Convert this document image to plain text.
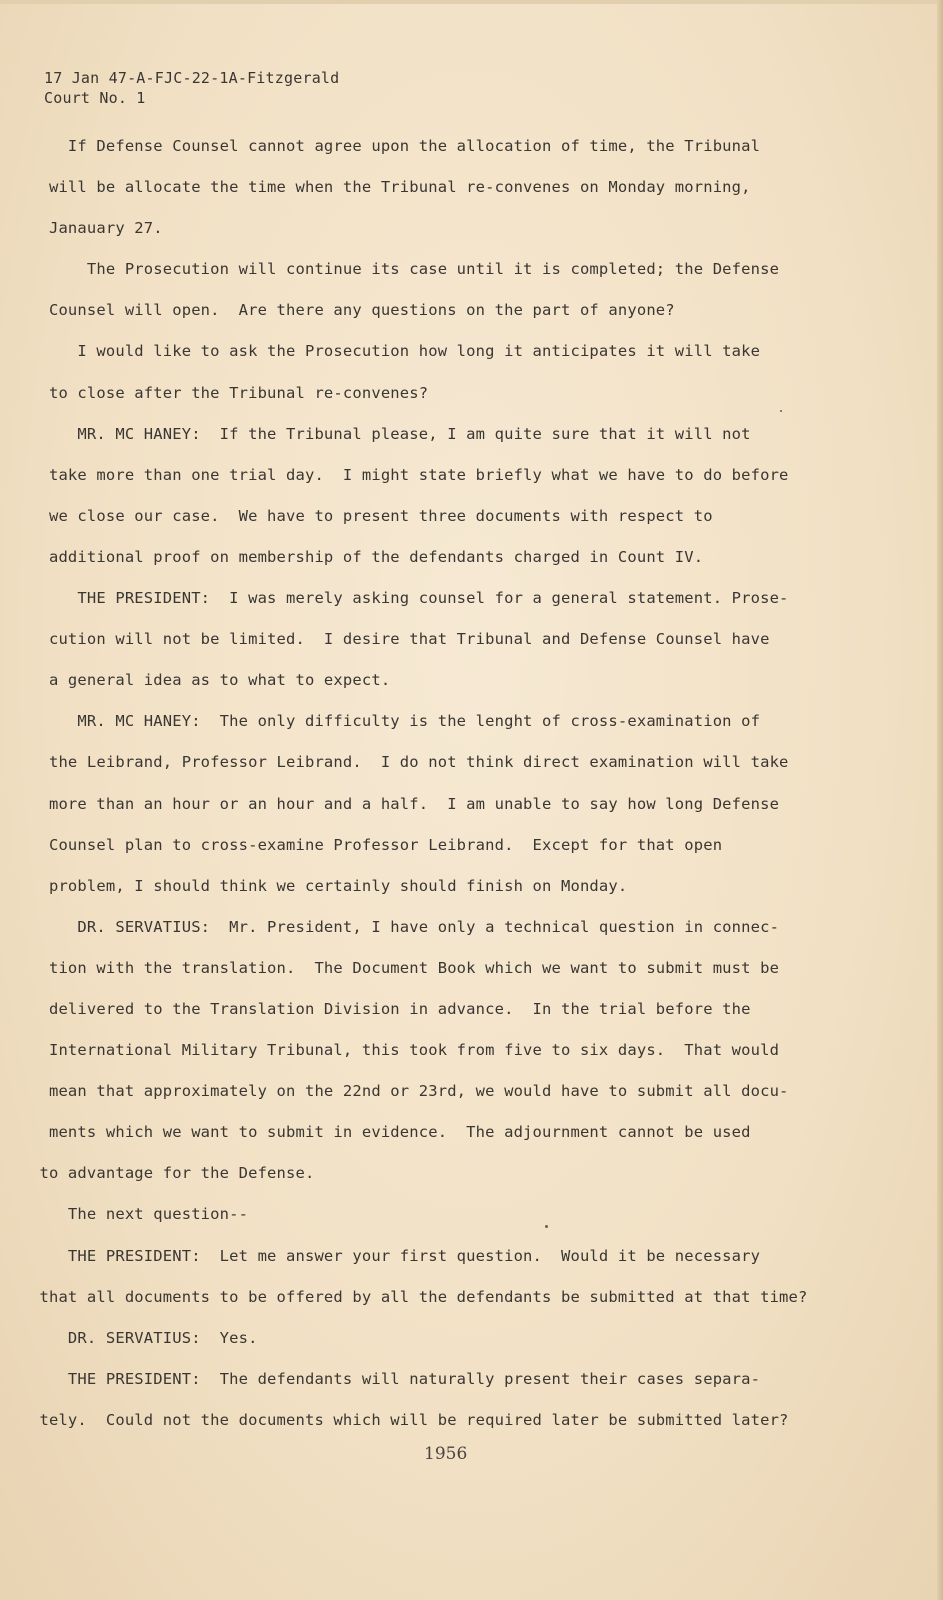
17 Jan 47-A-FJC-22-1A-Fitzgerald
Court No. 1
If Defense Counsel cannot agree upon the allocation of time, the Tribunal
will be allocate the time when the Tribunal re-convenes on Monday morning,
Janauary 27.
The Prosecution will continue its case until it is completed; the Defense
Counsel will open.  Are there any questions on the part of anyone?
I would like to ask the Prosecution how long it anticipates it will take
to close after the Tribunal re-convenes?
MR. MC HANEY:  If the Tribunal please, I am quite sure that it will not
take more than one trial day.  I might state briefly what we have to do before
we close our case.  We have to present three documents with respect to
additional proof on membership of the defendants charged in Count IV.
THE PRESIDENT:  I was merely asking counsel for a general statement. Prose-
cution will not be limited.  I desire that Tribunal and Defense Counsel have
a general idea as to what to expect.
MR. MC HANEY:  The only difficulty is the lenght of cross-examination of
the Leibrand, Professor Leibrand.  I do not think direct examination will take
more than an hour or an hour and a half.  I am unable to say how long Defense
Counsel plan to cross-examine Professor Leibrand.  Except for that open
problem, I should think we certainly should finish on Monday.
DR. SERVATIUS:  Mr. President, I have only a technical question in connec-
tion with the translation.  The Document Book which we want to submit must be
delivered to the Translation Division in advance.  In the trial before the
International Military Tribunal, this took from five to six days.  That would
mean that approximately on the 22nd or 23rd, we would have to submit all docu-
ments which we want to submit in evidence.  The adjournment cannot be used
to advantage for the Defense.
The next question--
THE PRESIDENT:  Let me answer your first question.  Would it be necessary
that all documents to be offered by all the defendants be submitted at that time?
DR. SERVATIUS:  Yes.
THE PRESIDENT:  The defendants will naturally present their cases separa-
tely.  Could not the documents which will be required later be submitted later?
1956
